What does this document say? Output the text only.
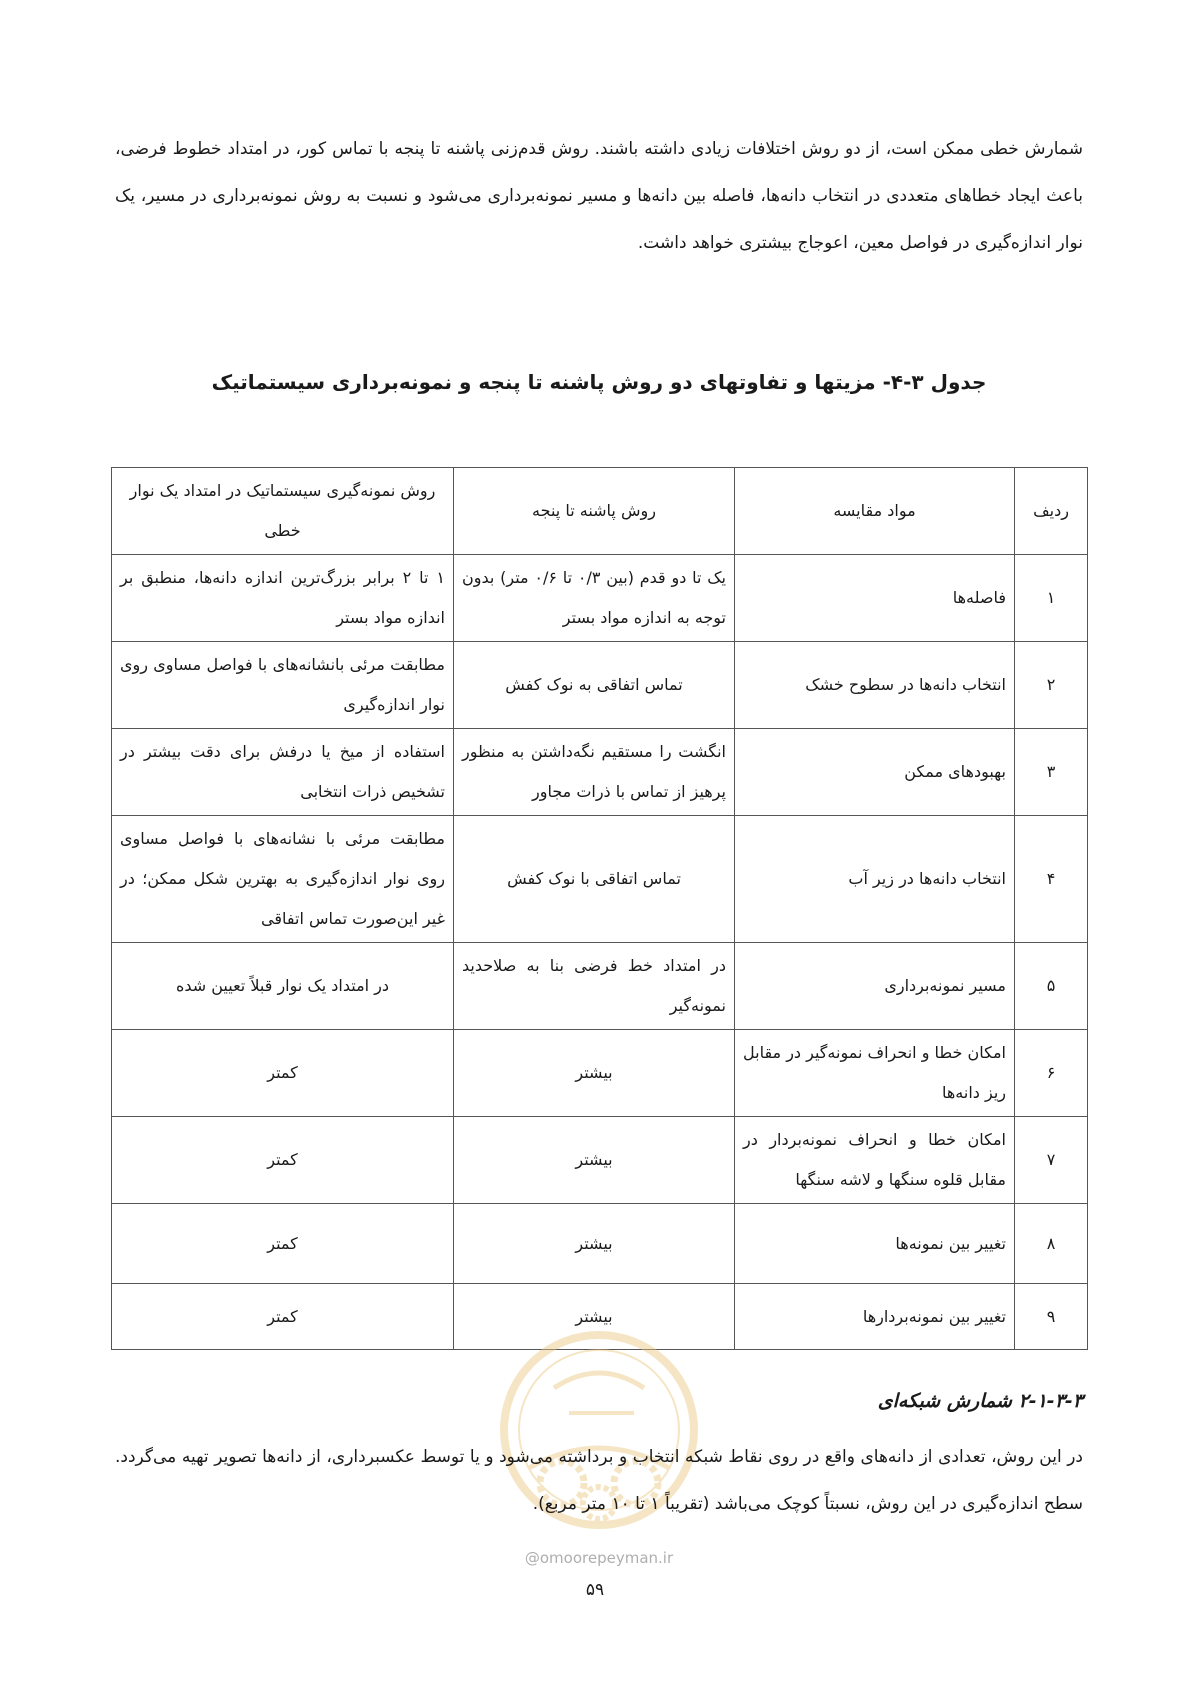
شمارش خطی ممکن است، از دو روش اختلافات زیادی داشته باشند. روش قدم‌زنی پاشنه تا پنجه با تماس کور، در امتداد خطوط فرضی، باعث ایجاد خطاهای متعددی در انتخاب دانه‌ها، فاصله بین دانه‌ها و مسیر نمونه‌برداری می‌شود و نسبت به روش نمونه‌برداری در مسیر، یک نوار اندازه‌گیری در فواصل معین، اعوجاج بیشتری خواهد داشت.

جدول ۳-۴- مزیتها و تفاوتهای دو روش پاشنه تا پنجه و نمونه‌برداری سیستماتیک

ردیف	مواد مقایسه	روش پاشنه تا پنجه	روش نمونه‌گیری سیستماتیک در امتداد یک نوار خطی
۱	فاصله‌ها	یک تا دو قدم (بین ۰/۳ تا ۰/۶ متر) بدون توجه به اندازه مواد بستر	۱ تا ۲ برابر بزرگ‌ترین اندازه دانه‌ها، منطبق بر اندازه مواد بستر
۲	انتخاب دانه‌ها در سطوح خشک	تماس اتفاقی به نوک کفش	مطابقت مرئی بانشانه‌های با فواصل مساوی روی نوار اندازه‌گیری
۳	بهبودهای ممکن	انگشت را مستقیم نگه‌داشتن به منظور پرهیز از تماس با ذرات مجاور	استفاده از میخ یا درفش برای دقت بیشتر در تشخیص ذرات انتخابی
۴	انتخاب دانه‌ها در زیر آب	تماس اتفاقی با نوک کفش	مطابقت مرئی با نشانه‌های با فواصل مساوی روی نوار اندازه‌گیری به بهترین شکل ممکن؛ در غیر این‌صورت تماس اتفاقی
۵	مسیر نمونه‌برداری	در امتداد خط فرضی بنا به صلاحدید نمونه‌گیر	در امتداد یک نوار قبلاً تعیین شده
۶	امکان خطا و انحراف نمونه‌گیر در مقابل ریز دانه‌ها	بیشتر	کمتر
۷	امکان خطا و انحراف نمونه‌بردار در مقابل قلوه سنگها و لاشه سنگها	بیشتر	کمتر
۸	تغییر بین نمونه‌ها	بیشتر	کمتر
۹	تغییر بین نمونه‌بردارها	بیشتر	کمتر
@omoorepeyman.ir

۲-۱-۳-۳ شمارش شبکه‌ای

در این روش، تعدادی از دانه‌های واقع در روی نقاط شبکه انتخاب و برداشته می‌شود و یا توسط عکسبرداری، از دانه‌ها تصویر تهیه می‌گردد. سطح اندازه‌گیری در این روش، نسبتاً کوچک می‌باشد (تقریباً ۱ تا ۱۰ متر مربع).

۵۹
